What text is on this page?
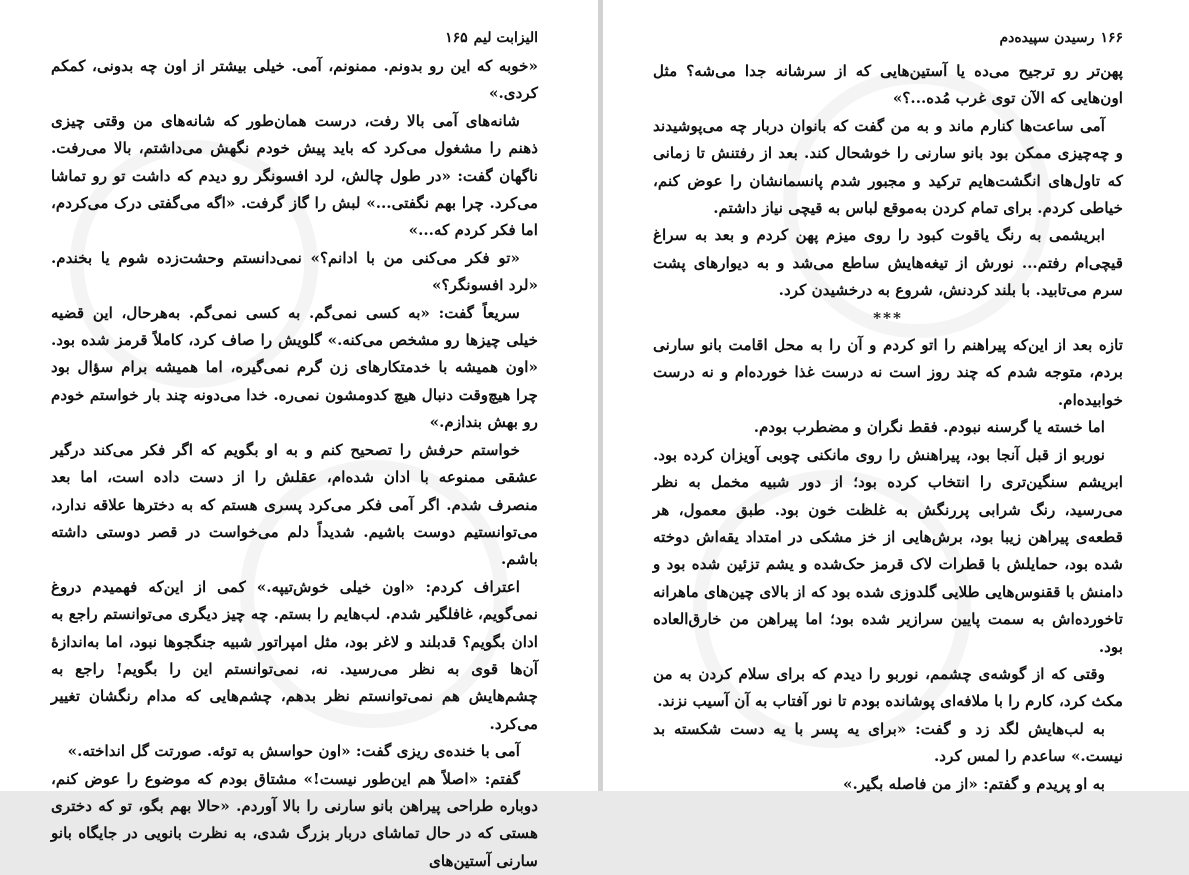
الیزابت لیم
۱۶۵

«خوبه که این رو بدونم. ممنونم، آمی. خیلی بیشتر از اون چه بدونی، کمکم کردی.»

شانه‌های آمی بالا رفت، درست همان‌طور که شانه‌های من وقتی چیزی ذهنم را مشغول می‌کرد که باید پیش خودم نگهش می‌داشتم، بالا می‌رفت. ناگهان گفت: «در طول چالش، لرد افسونگر رو دیدم که داشت تو رو تماشا می‌کرد. چرا بهم نگفتی...» لبش را گاز گرفت. «اگه می‌گفتی درک می‌کردم، اما فکر کردم که...»

«تو فکر می‌کنی من با ادانم؟» نمی‌دانستم وحشت‌زده شوم یا بخندم. «لرد افسونگر؟»

سریعاً گفت: «به کسی نمی‌گم. به کسی نمی‌گم. به‌هرحال، این قضیه خیلی چیزها رو مشخص می‌کنه.» گلویش را صاف کرد، کاملاً قرمز شده بود. «اون همیشه با خدمتکارهای زن گرم نمی‌گیره، اما همیشه برام سؤال بود چرا هیچ‌وقت دنبال هیچ کدومشون نمی‌ره. خدا می‌دونه چند بار خواستم خودم رو بهش بندازم.»

خواستم حرفش را تصحیح کنم و به او بگویم که اگر فکر می‌کند درگیر عشقی ممنوعه با ادان شده‌ام، عقلش را از دست داده است، اما بعد منصرف شدم. اگر آمی فکر می‌کرد پسری هستم که به دخترها علاقه ندارد، می‌توانستیم دوست باشیم. شدیداً دلم می‌خواست در قصر دوستی داشته باشم.

اعتراف کردم: «اون خیلی خوش‌تیپه.» کمی از این‌که فهمیدم دروغ نمی‌گویم، غافلگیر شدم. لب‌هایم را بستم. چه چیز دیگری می‌توانستم راجع به ادان بگویم؟ قدبلند و لاغر بود، مثل امپراتور شبیه جنگجوها نبود، اما به‌اندازهٔ آن‌ها قوی به نظر می‌رسید. نه، نمی‌توانستم این را بگویم! راجع به چشم‌هایش هم نمی‌توانستم نظر بدهم، چشم‌هایی که مدام رنگشان تغییر می‌کرد.

آمی با خنده‌ی ریزی گفت: «اون حواسش به توئه. صورتت گل انداخته.»

گفتم: «اصلاً هم این‌طور نیست!» مشتاق بودم که موضوع را عوض کنم، دوباره طراحی پیراهن بانو سارنی را بالا آوردم. «حالا بهم بگو، تو که دختری هستی که در حال تماشای دربار بزرگ شدی، به نظرت بانویی در جایگاه بانو سارنی آستین‌های

۱۶۶
رسیدن سپیده‌دم

پهن‌تر رو ترجیح می‌ده یا آستین‌هایی که از سرشانه جدا می‌شه؟ مثل اون‌هایی که الآن توی غرب مُده...؟»

آمی ساعت‌ها کنارم ماند و به من گفت که بانوان دربار چه می‌پوشیدند و چه‌چیزی ممکن بود بانو سارنی را خوشحال کند. بعد از رفتنش تا زمانی که تاول‌های انگشت‌هایم ترکید و مجبور شدم پانسمانشان را عوض کنم، خیاطی کردم. برای تمام کردن به‌موقع لباس به قیچی نیاز داشتم.

ابریشمی به رنگ یاقوت کبود را روی میزم پهن کردم و بعد به سراغ قیچی‌ام رفتم... نورش از تیغه‌هایش ساطع می‌شد و به دیوارهای پشت سرم می‌تابید. با بلند کردنش، شروع به درخشیدن کرد.

***

تازه بعد از این‌که پیراهنم را اتو کردم و آن را به محل اقامت بانو سارنی بردم، متوجه شدم که چند روز است نه درست غذا خورده‌ام و نه درست خوابیده‌ام.

اما خسته یا گرسنه نبودم. فقط نگران و مضطرب بودم.

نوربو از قبل آنجا بود، پیراهنش را روی مانکنی چوبی آویزان کرده بود. ابریشم سنگین‌تری را انتخاب کرده بود؛ از دور شبیه مخمل به نظر می‌رسید، رنگ شرابی پررنگش به غلظت خون بود. طبق معمول، هر قطعه‌ی پیراهن زیبا بود، برش‌هایی از خز مشکی در امتداد یقه‌اش دوخته شده بود، حمایلش با قطرات لاک قرمز حک‌شده و یشم تزئین شده بود و دامنش با ققنوس‌هایی طلایی گلدوزی شده بود که از بالای چین‌های ماهرانه تا‌خورده‌اش به سمت پایین سرازیر شده بود؛ اما پیراهن من خارق‌العاده بود.

وقتی که از گوشه‌ی چشمم، نوربو را دیدم که برای سلام کردن به من مکث کرد، کارم را با ملافه‌ای پوشانده بودم تا نور آفتاب به آن آسیب نزند.

به لب‌هایش لگد زد و گفت: «برای یه پسر با یه دست شکسته بد نیست.» ساعدم را لمس کرد.

به او پریدم و گفتم: «از من فاصله بگیر.»
